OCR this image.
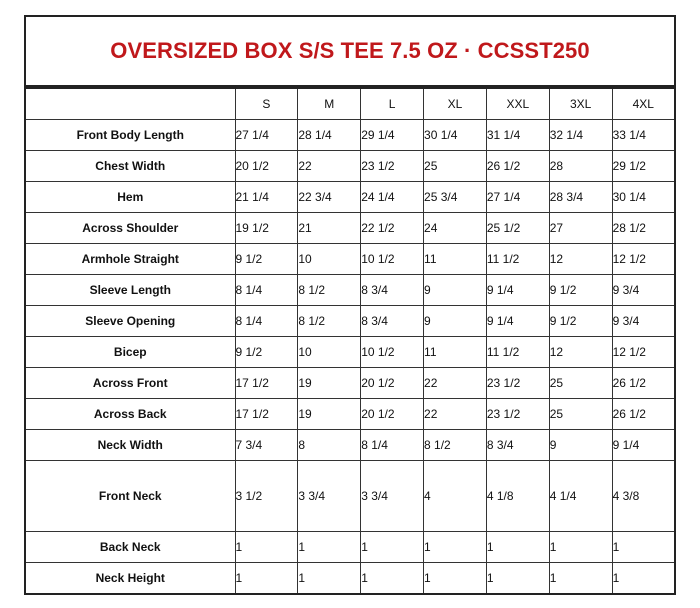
OVERSIZED BOX S/S TEE 7.5 OZ · CCSST250
	S	M	L	XL	XXL	3XL	4XL
Front Body Length	27 1/4	28 1/4	29 1/4	30 1/4	31 1/4	32 1/4	33 1/4
Chest Width	20 1/2	22	23 1/2	25	26 1/2	28	29 1/2
Hem	21 1/4	22 3/4	24 1/4	25 3/4	27 1/4	28 3/4	30 1/4
Across Shoulder	19 1/2	21	22 1/2	24	25 1/2	27	28 1/2
Armhole Straight	9 1/2	10	10 1/2	11	11 1/2	12	12 1/2
Sleeve Length	8 1/4	8 1/2	8 3/4	9	9 1/4	9 1/2	9 3/4
Sleeve Opening	8 1/4	8 1/2	8 3/4	9	9 1/4	9 1/2	9 3/4
Bicep	9 1/2	10	10 1/2	11	11 1/2	12	12 1/2
Across Front	17 1/2	19	20 1/2	22	23 1/2	25	26 1/2
Across Back	17 1/2	19	20 1/2	22	23 1/2	25	26 1/2
Neck Width	7 3/4	8	8 1/4	8 1/2	8 3/4	9	9 1/4
Front Neck	3 1/2	3 3/4	3 3/4	4	4 1/8	4 1/4	4 3/8
Back Neck	1	1	1	1	1	1	1
Neck Height	1	1	1	1	1	1	1
